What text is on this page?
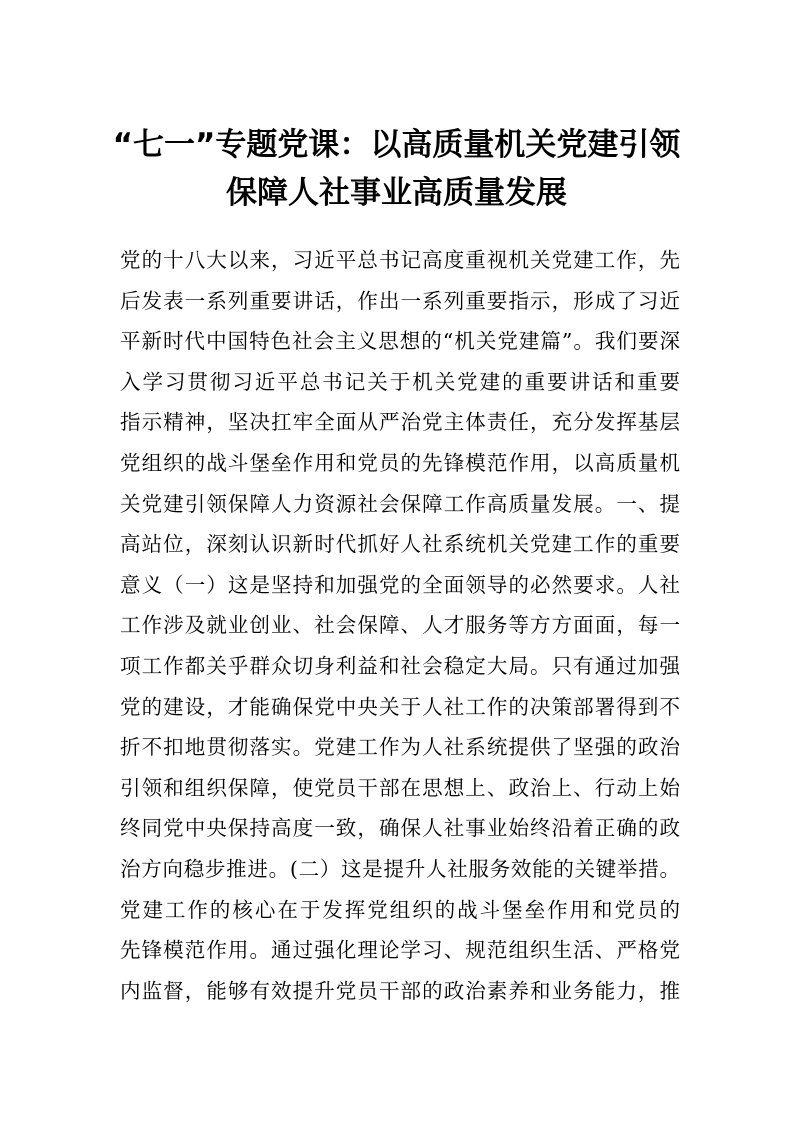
“七一”专题党课：以高质量机关党建引领
保障人社事业高质量发展
党的十八大以来，习近平总书记高度重视机关党建工作，先
后发表一系列重要讲话，作出一系列重要指示，形成了习近
平新时代中国特色社会主义思想的“机关党建篇”。我们要深
入学习贯彻习近平总书记关于机关党建的重要讲话和重要
指示精神，坚决扛牢全面从严治党主体责任，充分发挥基层
党组织的战斗堡垒作用和党员的先锋模范作用，以高质量机
关党建引领保障人力资源社会保障工作高质量发展。一、提
高站位，深刻认识新时代抓好人社系统机关党建工作的重要
意义（一）这是坚持和加强党的全面领导的必然要求。人社
工作涉及就业创业、社会保障、人才服务等方方面面，每一
项工作都关乎群众切身利益和社会稳定大局。只有通过加强
党的建设，才能确保党中央关于人社工作的决策部署得到不
折不扣地贯彻落实。党建工作为人社系统提供了坚强的政治
引领和组织保障，使党员干部在思想上、政治上、行动上始
终同党中央保持高度一致，确保人社事业始终沿着正确的政
治方向稳步推进。(二）这是提升人社服务效能的关键举措。
党建工作的核心在于发挥党组织的战斗堡垒作用和党员的
先锋模范作用。通过强化理论学习、规范组织生活、严格党
内监督，能够有效提升党员干部的政治素养和业务能力，推
